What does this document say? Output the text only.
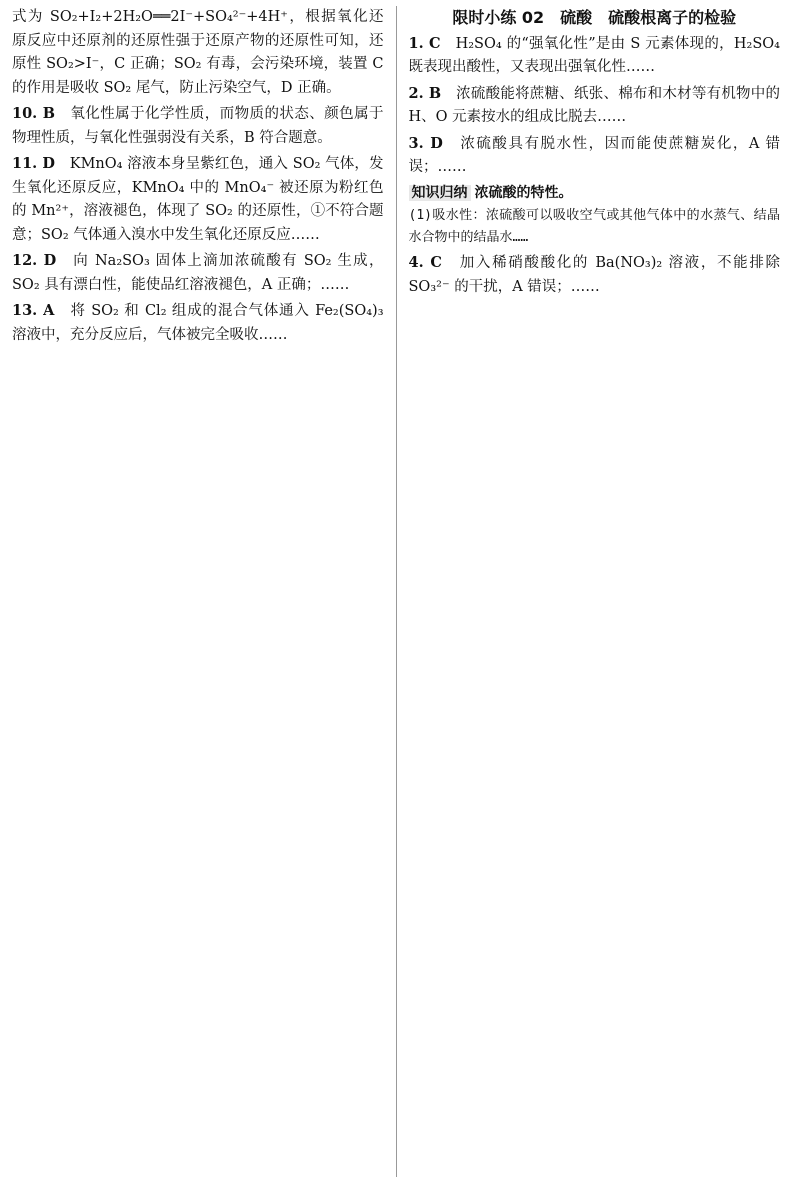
式为 SO₂+I₂+2H₂O══2I⁻+SO₄²⁻+4H⁺，根据氧化还原反应中还原剂的还原性强于还原产物的还原性可知，还原性 SO₂>I⁻，C 正确；SO₂ 有毒，会污染环境，装置 C 的作用是吸收 SO₂ 尾气，防止污染空气，D 正确。

10. B　 氧化性属于化学性质，而物质的状态、颜色属于物理性质，与氧化性强弱没有关系，B 符合题意。

11. D　 KMnO₄ 溶液本身呈紫红色，通入 SO₂ 气体，发生氧化还原反应，KMnO₄ 中的 MnO₄⁻ 被还原为粉红色的 Mn²⁺，溶液褪色，体现了 SO₂ 的还原性，①不符合题意；SO₂ 气体通入溴水中发生氧化还原反应……

12. D　 向 Na₂SO₃ 固体上滴加浓硫酸有 SO₂ 生成，SO₂ 具有漂白性，能使品红溶液褪色，A 正确；……

13. A　 将 SO₂ 和 Cl₂ 组成的混合气体通入 Fe₂(SO₄)₃ 溶液中，充分反应后，气体被完全吸收……

限时小练 02　硫酸　硫酸根离子的检验

1. C　 H₂SO₄ 的“强氧化性”是由 S 元素体现的，H₂SO₄ 既表现出酸性，又表现出强氧化性……

2. B　 浓硫酸能将蔗糖、纸张、棉布和木材等有机物中的 H、O 元素按水的组成比脱去……

3. D　 浓硫酸具有脱水性，因而能使蔗糖炭化，A 错误；……

知识归纳 浓硫酸的特性。

(1)吸水性：浓硫酸可以吸收空气或其他气体中的水蒸气、结晶水合物中的结晶水……

4. C　 加入稀硝酸酸化的 Ba(NO₃)₂ 溶液，不能排除 SO₃²⁻ 的干扰，A 错误；……
